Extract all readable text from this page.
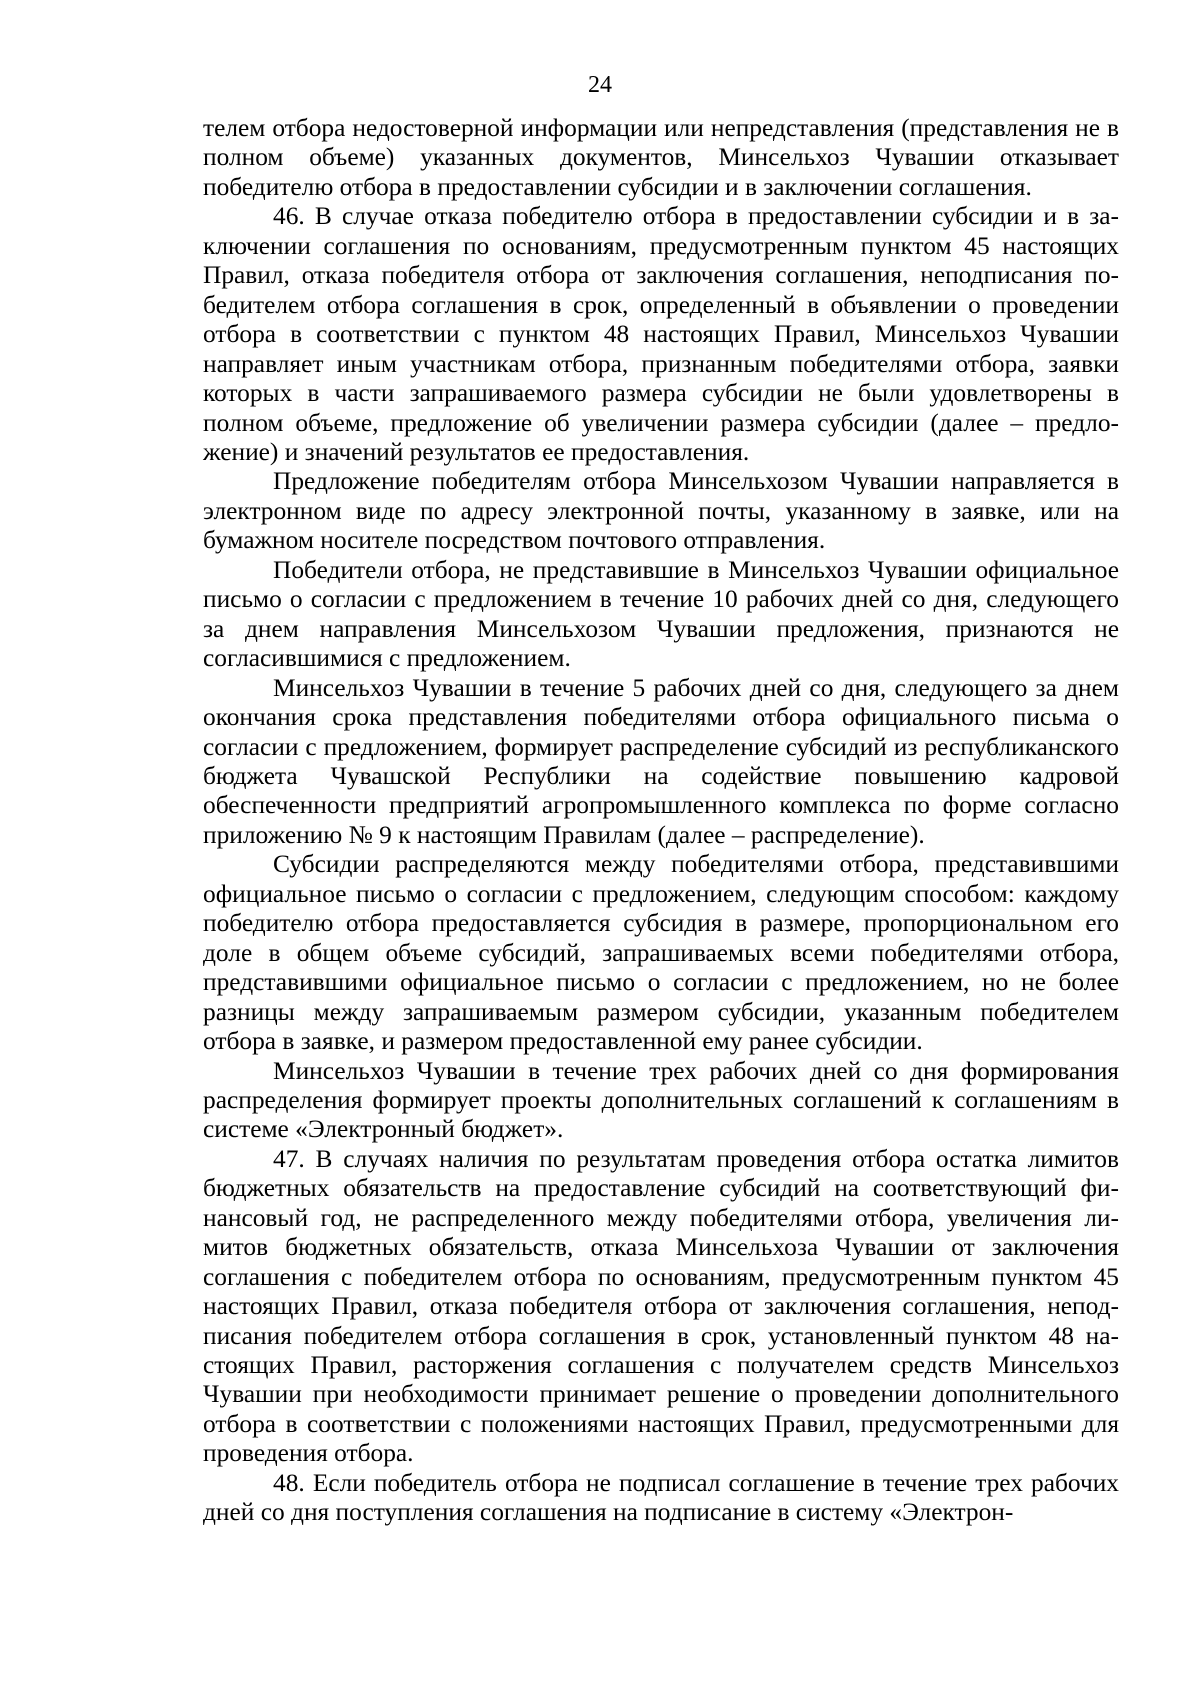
24

телем отбора недостоверной информации или непредставления (представления не в полном объеме) указанных документов, Минсельхоз Чувашии отказывает победителю отбора в предоставлении субсидии и в заключении соглашения.

46. В случае отказа победителю отбора в предоставлении субсидии и в заключении соглашения по основаниям, предусмотренным пунктом 45 настоящих Правил, отказа победителя отбора от заключения соглашения, неподписания победителем отбора соглашения в срок, определенный в объявлении о проведении отбора в соответствии с пунктом 48 настоящих Правил, Минсельхоз Чувашии направляет иным участникам отбора, признанным победителями отбора, заявки которых в части запрашиваемого размера субсидии не были удовлетворены в полном объеме, предложение об увеличении размера субсидии (далее – предложение) и значений результатов ее предоставления.

Предложение победителям отбора Минсельхозом Чувашии направляется в электронном виде по адресу электронной почты, указанному в заявке, или на бумажном носителе посредством почтового отправления.

Победители отбора, не представившие в Минсельхоз Чувашии официальное письмо о согласии с предложением в течение 10 рабочих дней со дня, следующего за днем направления Минсельхозом Чувашии предложения, признаются не согласившимися с предложением.

Минсельхоз Чувашии в течение 5 рабочих дней со дня, следующего за днем окончания срока представления победителями отбора официального письма о согласии с предложением, формирует распределение субсидий из республиканского бюджета Чувашской Республики на содействие повышению кадровой обеспеченности предприятий агропромышленного комплекса по форме согласно приложению № 9 к настоящим Правилам (далее – распределение).

Субсидии распределяются между победителями отбора, представившими официальное письмо о согласии с предложением, следующим способом: каждому победителю отбора предоставляется субсидия в размере, пропорциональном его доле в общем объеме субсидий, запрашиваемых всеми победителями отбора, представившими официальное письмо о согласии с предложением, но не более разницы между запрашиваемым размером субсидии, указанным победителем отбора в заявке, и размером предоставленной ему ранее субсидии.

Минсельхоз Чувашии в течение трех рабочих дней со дня формирования распределения формирует проекты дополнительных соглашений к соглашениям в системе «Электронный бюджет».

47. В случаях наличия по результатам проведения отбора остатка лимитов бюджетных обязательств на предоставление субсидий на соответствующий финансовый год, не распределенного между победителями отбора, увеличения лимитов бюджетных обязательств, отказа Минсельхоза Чувашии от заключения соглашения с победителем отбора по основаниям, предусмотренным пунктом 45 настоящих Правил, отказа победителя отбора от заключения соглашения, неподписания победителем отбора соглашения в срок, установленный пунктом 48 настоящих Правил, расторжения соглашения с получателем средств Минсельхоз Чувашии при необходимости принимает решение о проведении дополнительного отбора в соответствии с положениями настоящих Правил, предусмотренными для проведения отбора.

48. Если победитель отбора не подписал соглашение в течение трех рабочих дней со дня поступления соглашения на подписание в систему «Электрон-
